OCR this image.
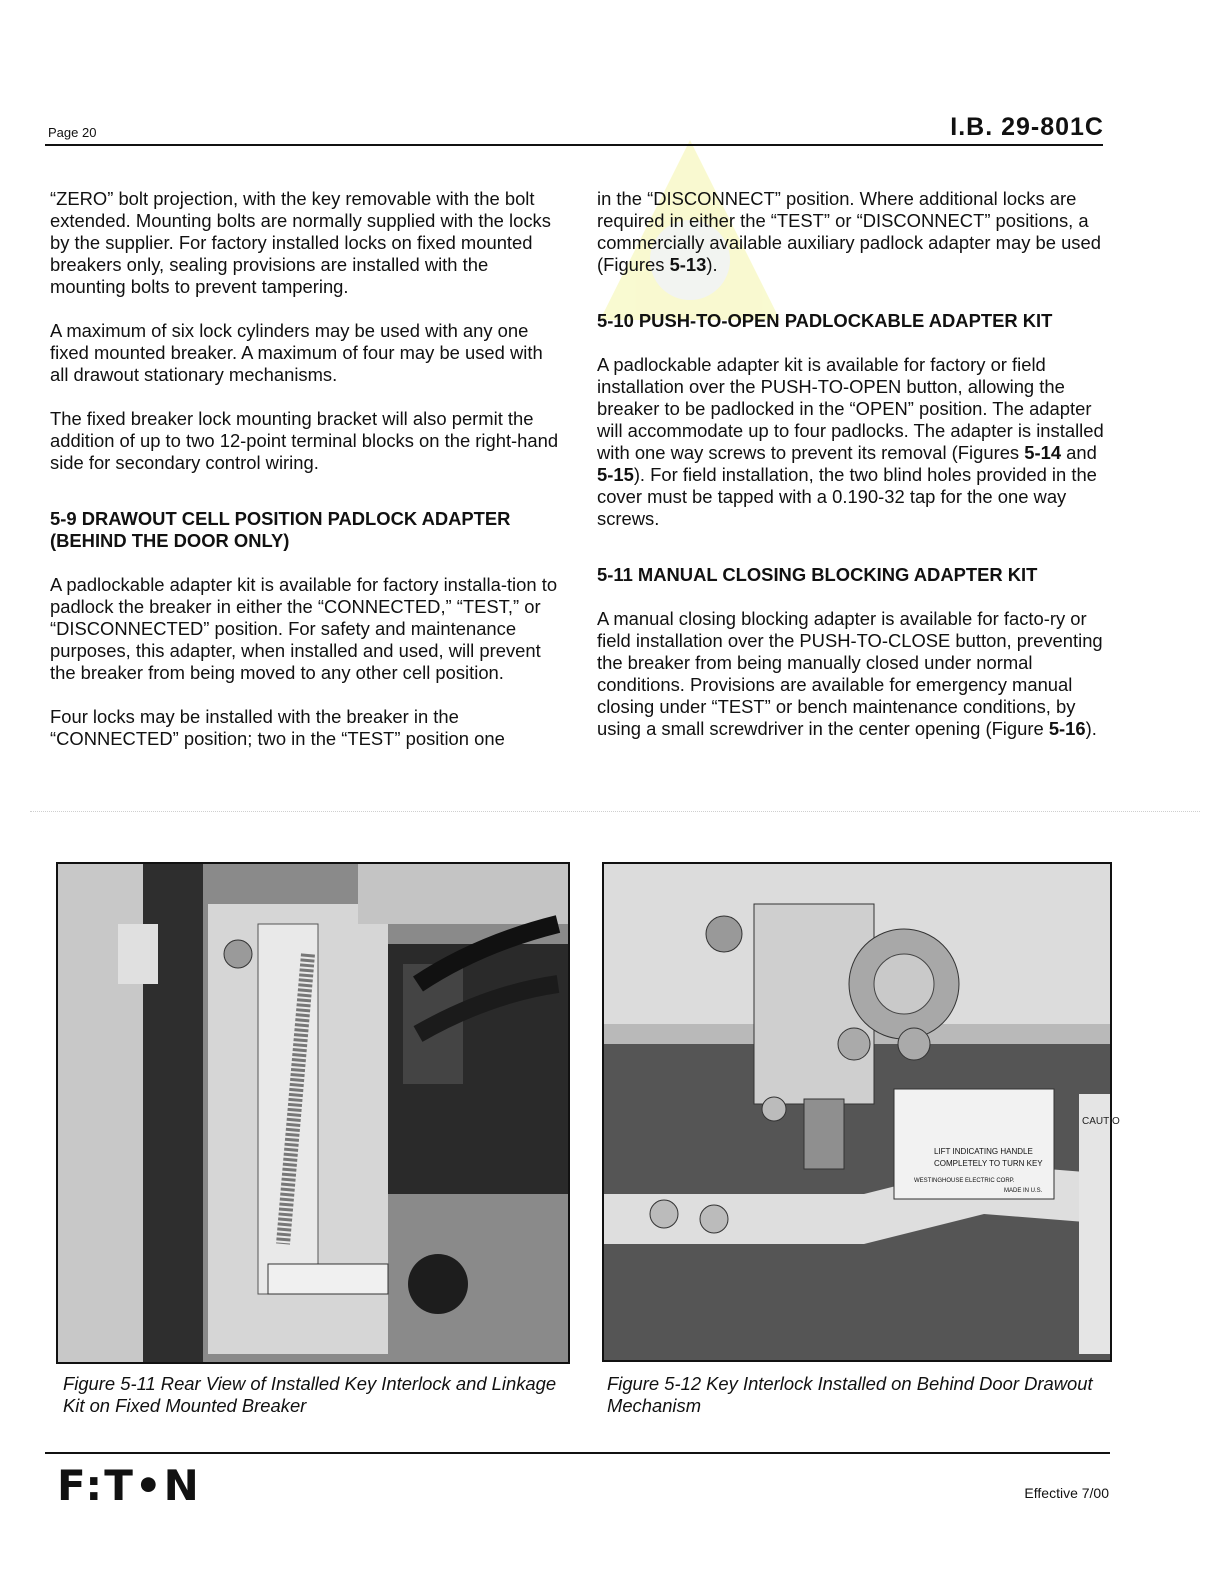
Page 20	I.B. 29-801C

“ZERO” bolt projection, with the key removable with the bolt extended. Mounting bolts are normally supplied with the locks by the supplier. For factory installed locks on fixed mounted breakers only, sealing provisions are installed with the mounting bolts to prevent tampering.

A maximum of six lock cylinders may be used with any one fixed mounted breaker. A maximum of four may be used with all drawout stationary mechanisms.

The fixed breaker lock mounting bracket will also permit the addition of up to two 12-point terminal blocks on the right-hand side for secondary control wiring.

5-9 DRAWOUT CELL POSITION PADLOCK ADAPTER (BEHIND THE DOOR ONLY)

A padlockable adapter kit is available for factory installa-tion to padlock the breaker in either the “CONNECTED,” “TEST,” or “DISCONNECTED” position. For safety and maintenance purposes, this adapter, when installed and used, will prevent the breaker from being moved to any other cell position.

Four locks may be installed with the breaker in the “CONNECTED” position; two in the “TEST” position one

in the “DISCONNECT” position. Where additional locks are required in either the “TEST” or “DISCONNECT” positions, a commercially available auxiliary padlock adapter may be used (Figures 5-13).

5-10 PUSH-TO-OPEN PADLOCKABLE ADAPTER KIT

A padlockable adapter kit is available for factory or field installation over the PUSH-TO-OPEN button, allowing the breaker to be padlocked in the “OPEN” position. The adapter will accommodate up to four padlocks. The adapter is installed with one way screws to prevent its removal (Figures 5-14 and 5-15). For field installation, the two blind holes provided in the cover must be tapped with a 0.190-32 tap for the one way screws.

5-11 MANUAL CLOSING BLOCKING ADAPTER KIT

A manual closing blocking adapter is available for facto-ry or field installation over the PUSH-TO-CLOSE button, preventing the breaker from being manually closed under normal conditions. Provisions are available for emergency manual closing under “TEST” or bench maintenance conditions, by using a small screwdriver in the center opening (Figure 5-16).

LIFT INDICATING HANDLE
COMPLETELY TO TURN KEY
WESTINGHOUSE ELECTRIC CORP.
MADE IN U.S.
CAUTIO
Figure 5-11 Rear View of Installed Key Interlock and Linkage Kit on Fixed Mounted Breaker
Figure 5-12 Key Interlock Installed on Behind Door Drawout Mechanism
F:T•N	Effective 7/00
